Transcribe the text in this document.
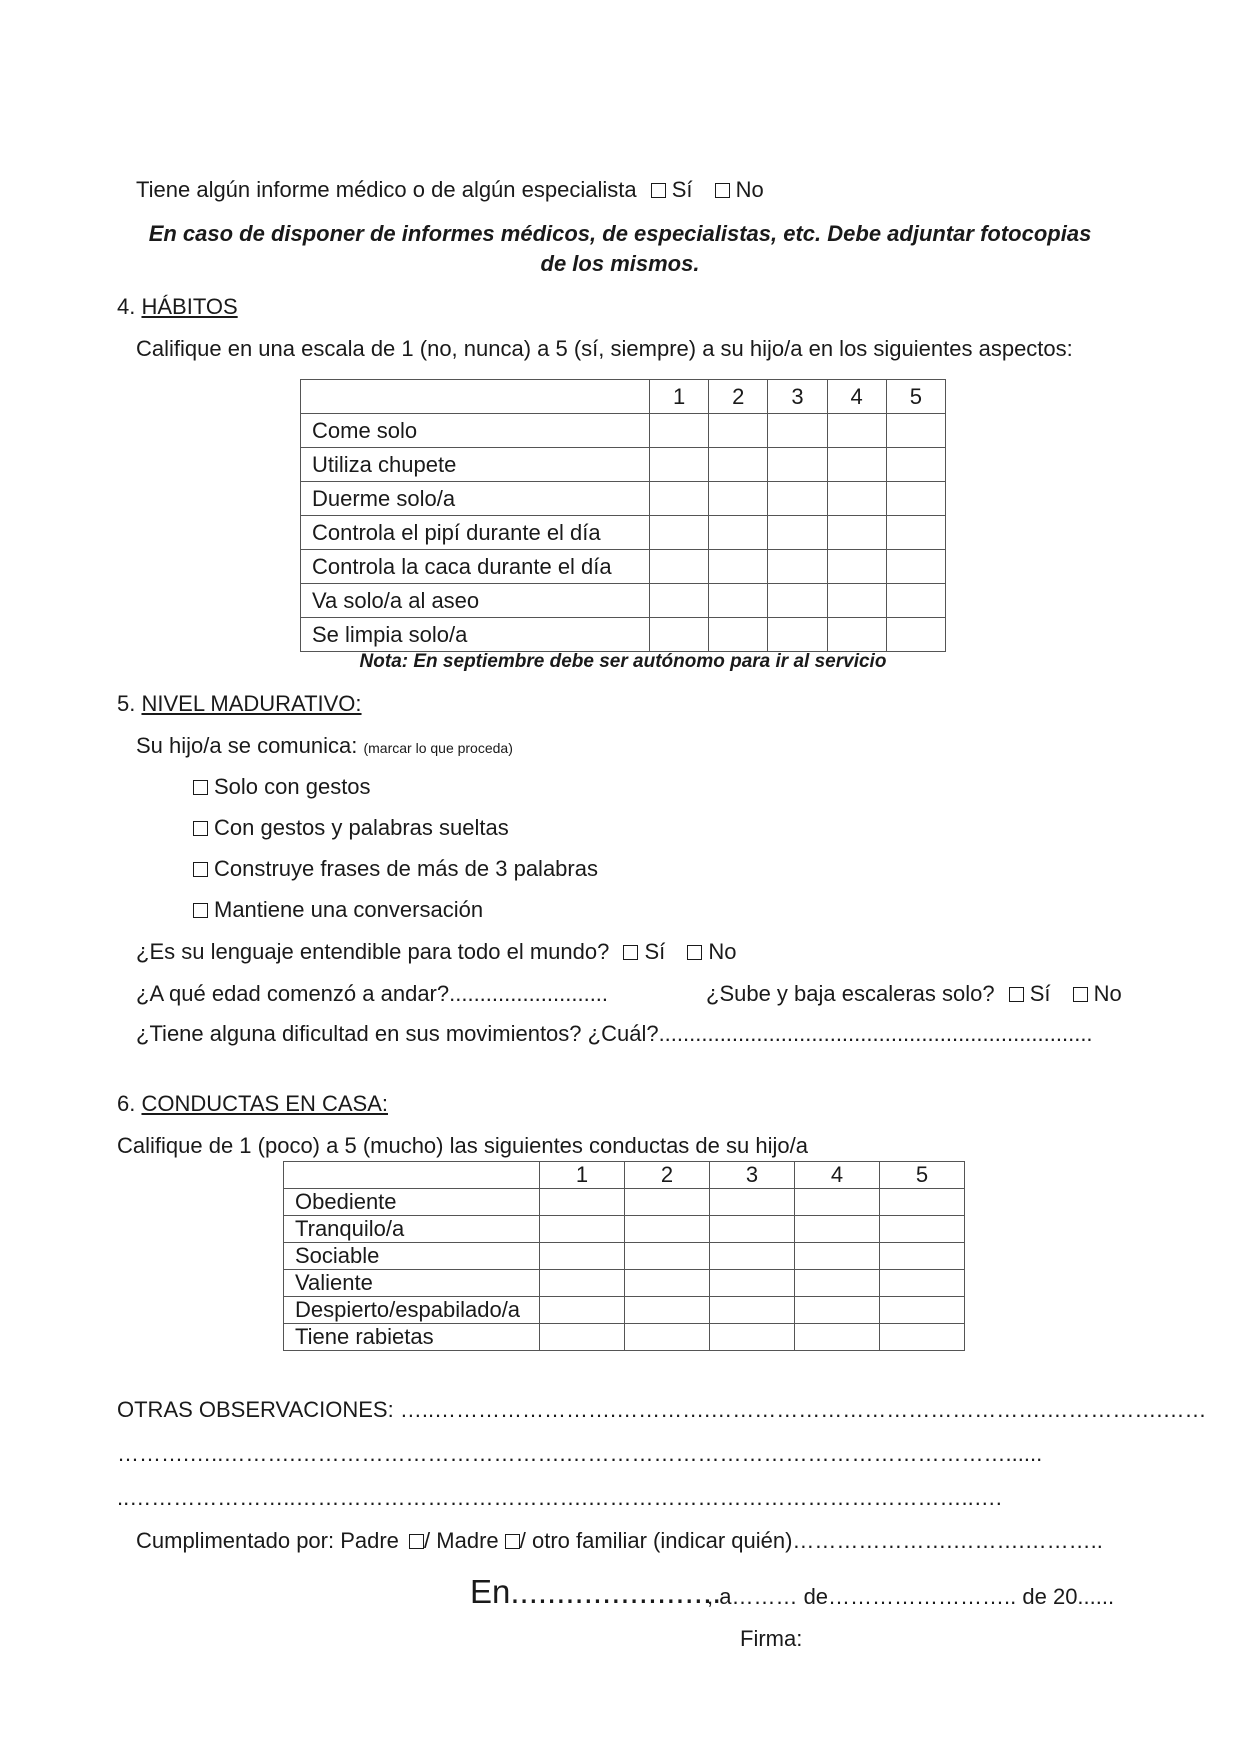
Tiene algún informe médico o de algún especialista Sí No
En caso de disponer de informes médicos, de especialistas, etc. Debe adjuntar fotocopias
de los mismos.
4. HÁBITOS
Califique en una escala de 1 (no, nunca) a 5 (sí, siempre) a su hijo/a en los siguientes aspectos:
	1	2	3	4	5
Come solo					
Utiliza chupete					
Duerme solo/a					
Controla el pipí durante el día					
Controla la caca durante el día					
Va solo/a al aseo					
Se limpia solo/a					
Nota: En septiembre debe ser autónomo para ir al servicio
5. NIVEL MADURATIVO:
Su hijo/a se comunica: (marcar lo que proceda)
Solo con gestos
Con gestos y palabras sueltas
Construye frases de más de 3 palabras
Mantiene una conversación
¿Es su lenguaje entendible para todo el mundo? Sí No
¿A qué edad comenzó a andar?..........................	¿Sube y baja escaleras solo? Sí No
¿Tiene alguna dificultad en sus movimientos? ¿Cuál?.......................................................................
6. CONDUCTAS EN CASA:
Califique de 1 (poco) a 5 (mucho) las siguientes conductas de su hijo/a
	1	2	3	4	5
Obediente					
Tranquilo/a					
Sociable					
Valiente					
Despierto/espabilado/a					
Tiene rabietas					
OTRAS OBSERVACIONES: …..…………………….………….……………………………………….…………….……
……….…..……….……………………………….……………………………………………………......
..…………………..………………………………….……………………………………………..….
Cumplimentado por: Padre / Madre / otro familiar (indicar quién)………………….……….………..
En.......................
, a……… de…………………….. de 20......
Firma:
